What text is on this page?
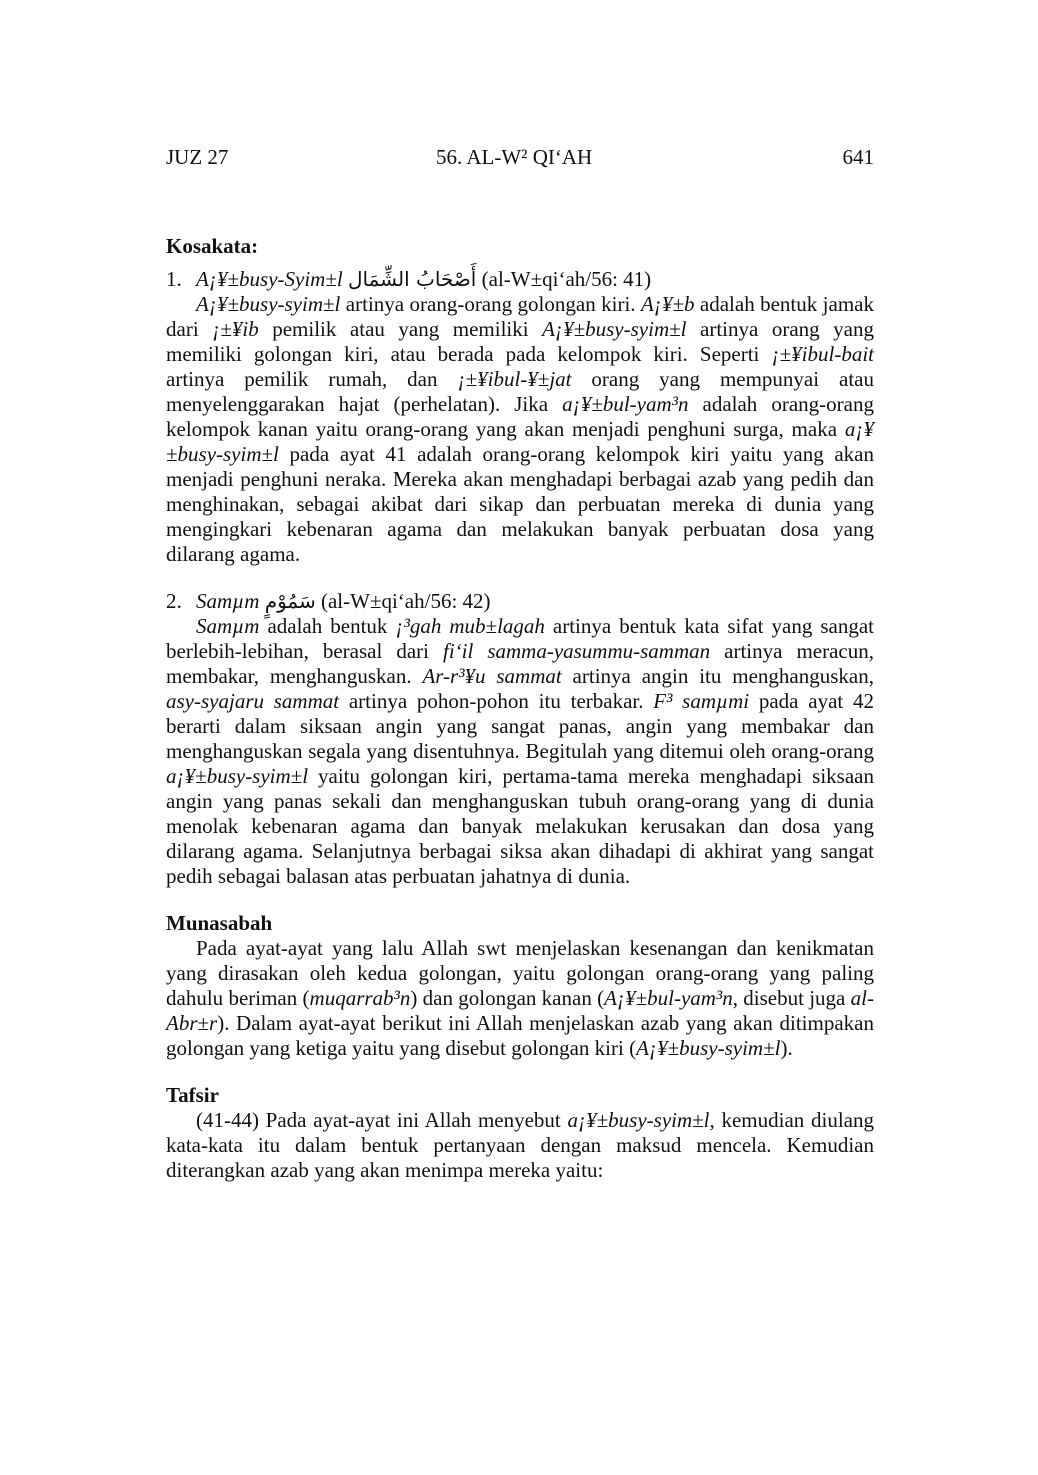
JUZ 27	56. AL-W² QI‘AH	641

Kosakata:

1. A¡¥±busy-Syim±l أَصْحَابُ الشِّمَال (al-W±qi‘ah/56: 41)

A¡¥±busy-syim±l artinya orang-orang golongan kiri. A¡¥±b adalah bentuk jamak dari ¡±¥ib pemilik atau yang memiliki A¡¥±busy-syim±l artinya orang yang memiliki golongan kiri, atau berada pada kelompok kiri. Seperti ¡±¥ibul-bait artinya pemilik rumah, dan ¡±¥ibul-¥±jat orang yang mempunyai atau menyelenggarakan hajat (perhelatan). Jika a¡¥±bul-yam³n adalah orang-orang kelompok kanan yaitu orang-orang yang akan menjadi penghuni surga, maka a¡¥±busy-syim±l pada ayat 41 adalah orang-orang kelompok kiri yaitu yang akan menjadi penghuni neraka. Mereka akan menghadapi berbagai azab yang pedih dan menghinakan, sebagai akibat dari sikap dan perbuatan mereka di dunia yang mengingkari kebenaran agama dan melakukan banyak perbuatan dosa yang dilarang agama.

2. Samµm سَمُوْمٍ (al-W±qi‘ah/56: 42)

Samµm adalah bentuk ¡³gah mub±lagah artinya bentuk kata sifat yang sangat berlebih-lebihan, berasal dari fi‘il samma-yasummu-samman artinya meracun, membakar, menghanguskan. Ar-r³¥u sammat artinya angin itu menghanguskan, asy-syajaru sammat artinya pohon-pohon itu terbakar. F³ samµmi pada ayat 42 berarti dalam siksaan angin yang sangat panas, angin yang membakar dan menghanguskan segala yang disentuhnya. Begitulah yang ditemui oleh orang-orang a¡¥±busy-syim±l yaitu golongan kiri, pertama-tama mereka menghadapi siksaan angin yang panas sekali dan menghanguskan tubuh orang-orang yang di dunia menolak kebenaran agama dan banyak melakukan kerusakan dan dosa yang dilarang agama. Selanjutnya berbagai siksa akan dihadapi di akhirat yang sangat pedih sebagai balasan atas perbuatan jahatnya di dunia.

Munasabah

Pada ayat-ayat yang lalu Allah swt menjelaskan kesenangan dan kenikmatan yang dirasakan oleh kedua golongan, yaitu golongan orang-orang yang paling dahulu beriman (muqarrab³n) dan golongan kanan (A¡¥±bul-yam³n, disebut juga al-Abr±r). Dalam ayat-ayat berikut ini Allah menjelaskan azab yang akan ditimpakan golongan yang ketiga yaitu yang disebut golongan kiri (A¡¥±busy-syim±l).

Tafsir

(41-44) Pada ayat-ayat ini Allah menyebut a¡¥±busy-syim±l, kemudian diulang kata-kata itu dalam bentuk pertanyaan dengan maksud mencela. Kemudian diterangkan azab yang akan menimpa mereka yaitu:
